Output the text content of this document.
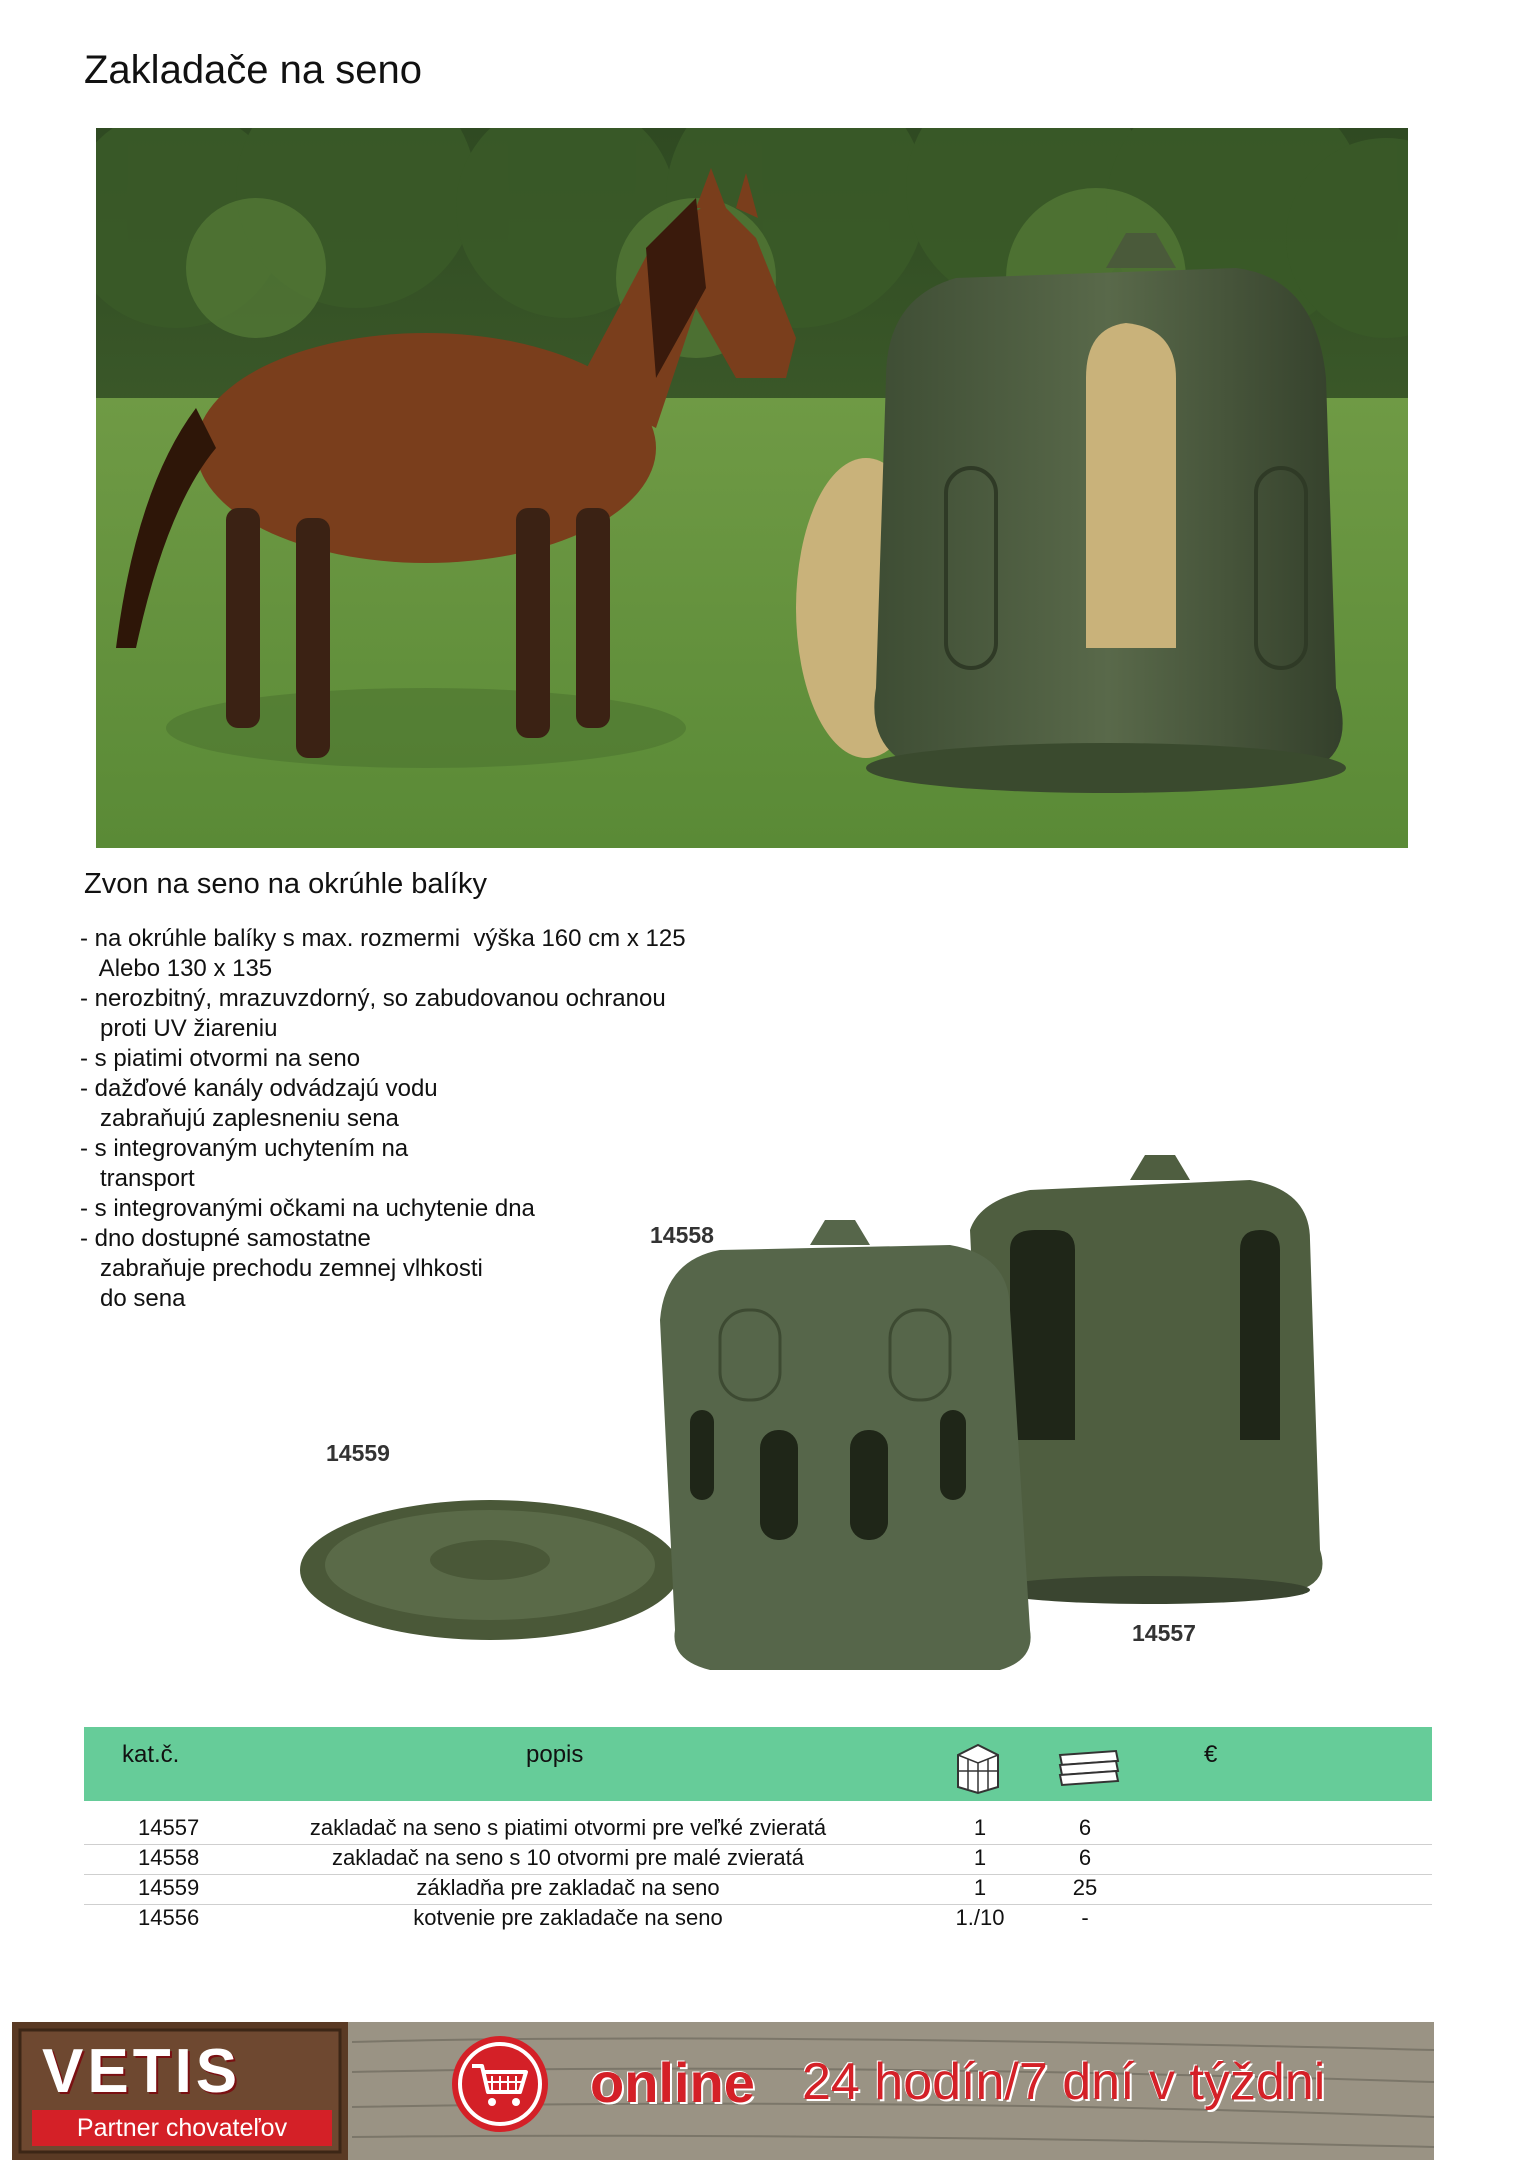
Zakladače na seno
Zvon na seno na okrúhle balíky
- na okrúhle balíky s max. rozmermi  výška 160 cm x 125
Alebo 130 x 135
- nerozbitný, mrazuvzdorný, so zabudovanou ochranou
proti UV žiareniu
- s piatimi otvormi na seno
- dažďové kanály odvádzajú vodu
zabraňujú zaplesneniu sena
- s integrovaným uchytením na
transport
- s integrovanými očkami na uchytenie dna
- dno dostupné samostatne
zabraňuje prechodu zemnej vlhkosti
do sena
14558
14559
14557
kat.č.	popis	€
14557	zakladač na seno s piatimi otvormi pre veľké zvieratá	1	6
14558	zakladač na seno s 10 otvormi pre malé zvieratá	1	6
14559	základňa pre zakladač na seno	1	25
14556	kotvenie pre zakladače na seno	1./10	-
VETIS
Partner chovateľov
online 24 hodín/7 dní v týždni
